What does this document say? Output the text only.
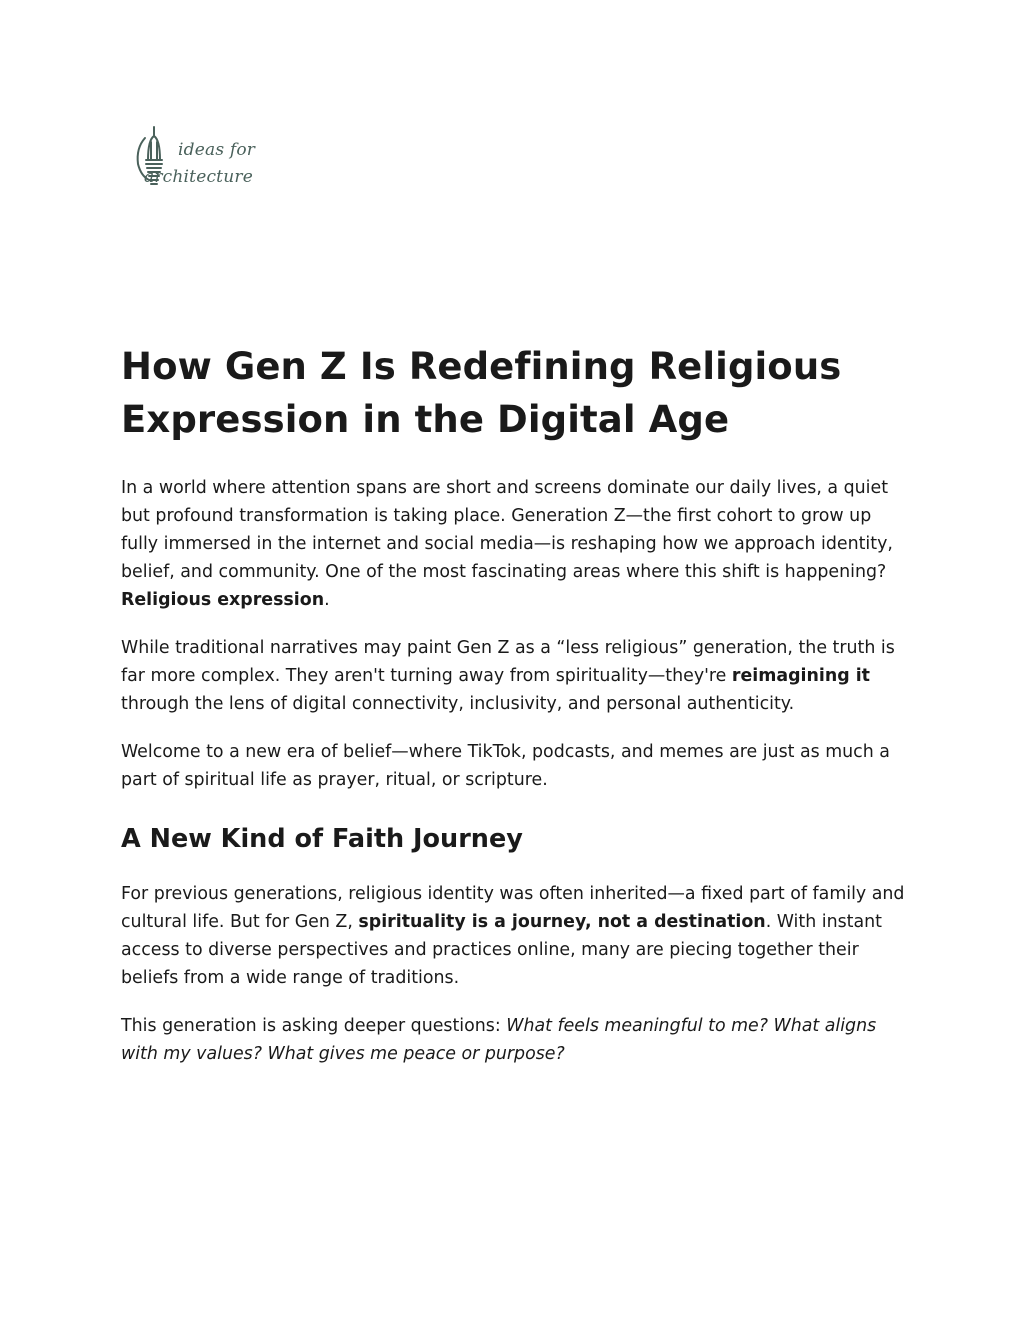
ideas for
architecture
How Gen Z Is Redefining Religious Expression in the Digital Age

In a world where attention spans are short and screens dominate our daily lives, a quiet but profound transformation is taking place. Generation Z—the first cohort to grow up fully immersed in the internet and social media—is reshaping how we approach identity, belief, and community. One of the most fascinating areas where this shift is happening? Religious expression.

While traditional narratives may paint Gen Z as a “less religious” generation, the truth is far more complex. They aren't turning away from spirituality—they're reimagining it through the lens of digital connectivity, inclusivity, and personal authenticity.

Welcome to a new era of belief—where TikTok, podcasts, and memes are just as much a part of spiritual life as prayer, ritual, or scripture.

A New Kind of Faith Journey

For previous generations, religious identity was often inherited—a fixed part of family and cultural life. But for Gen Z, spirituality is a journey, not a destination. With instant access to diverse perspectives and practices online, many are piecing together their beliefs from a wide range of traditions.

This generation is asking deeper questions: What feels meaningful to me? What aligns with my values? What gives me peace or purpose?
